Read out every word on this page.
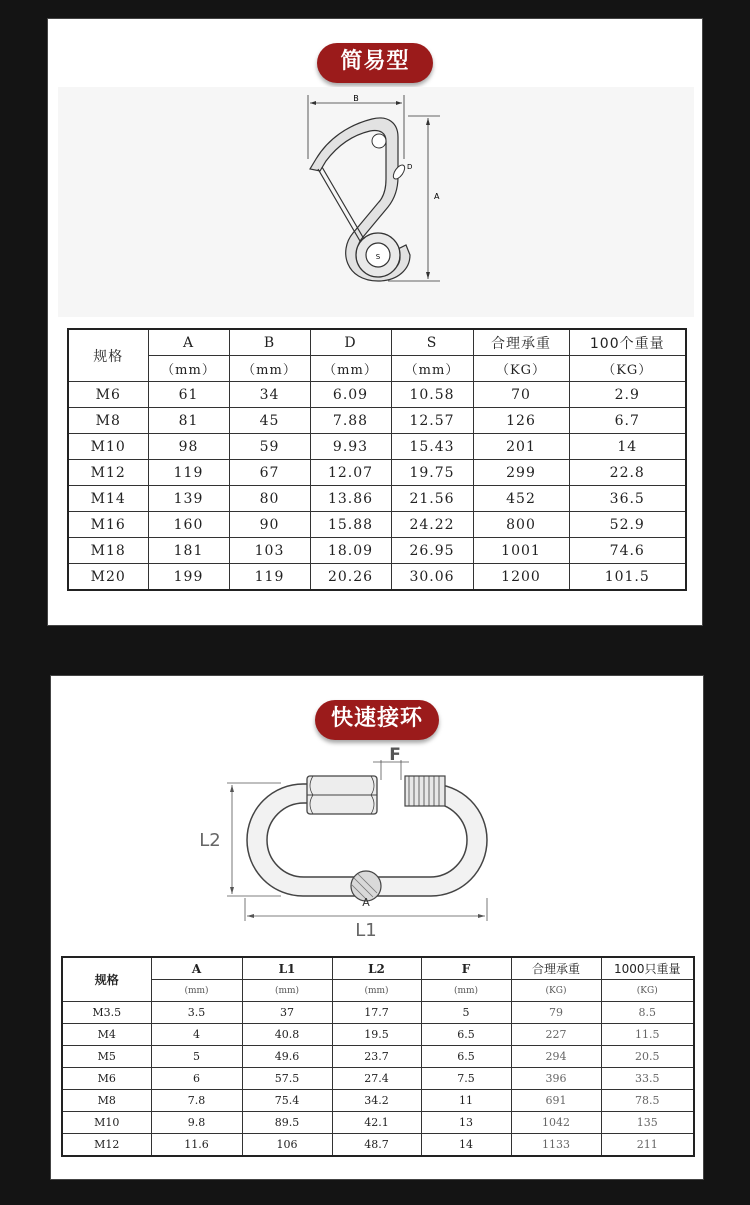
简易型
B
A
S
D
规格	A	B	D	S	合理承重	100个重量
	（mm）	（mm）	（mm）	（mm）	（KG）	（KG）
M6	61	34	6.09	10.58	70	2.9
M8	81	45	7.88	12.57	126	6.7
M10	98	59	9.93	15.43	201	14
M12	119	67	12.07	19.75	299	22.8
M14	139	80	13.86	21.56	452	36.5
M16	160	90	15.88	24.22	800	52.9
M18	181	103	18.09	26.95	1001	74.6
M20	199	119	20.26	30.06	1200	101.5
快速接环
L2
L1
F
A
规格	A	L1	L2	F	合理承重	1000只重量
	(mm)	(mm)	(mm)	(mm)	(KG)	(KG)
M3.5	3.5	37	17.7	5	79	8.5
M4	4	40.8	19.5	6.5	227	11.5
M5	5	49.6	23.7	6.5	294	20.5
M6	6	57.5	27.4	7.5	396	33.5
M8	7.8	75.4	34.2	11	691	78.5
M10	9.8	89.5	42.1	13	1042	135
M12	11.6	106	48.7	14	1133	211
